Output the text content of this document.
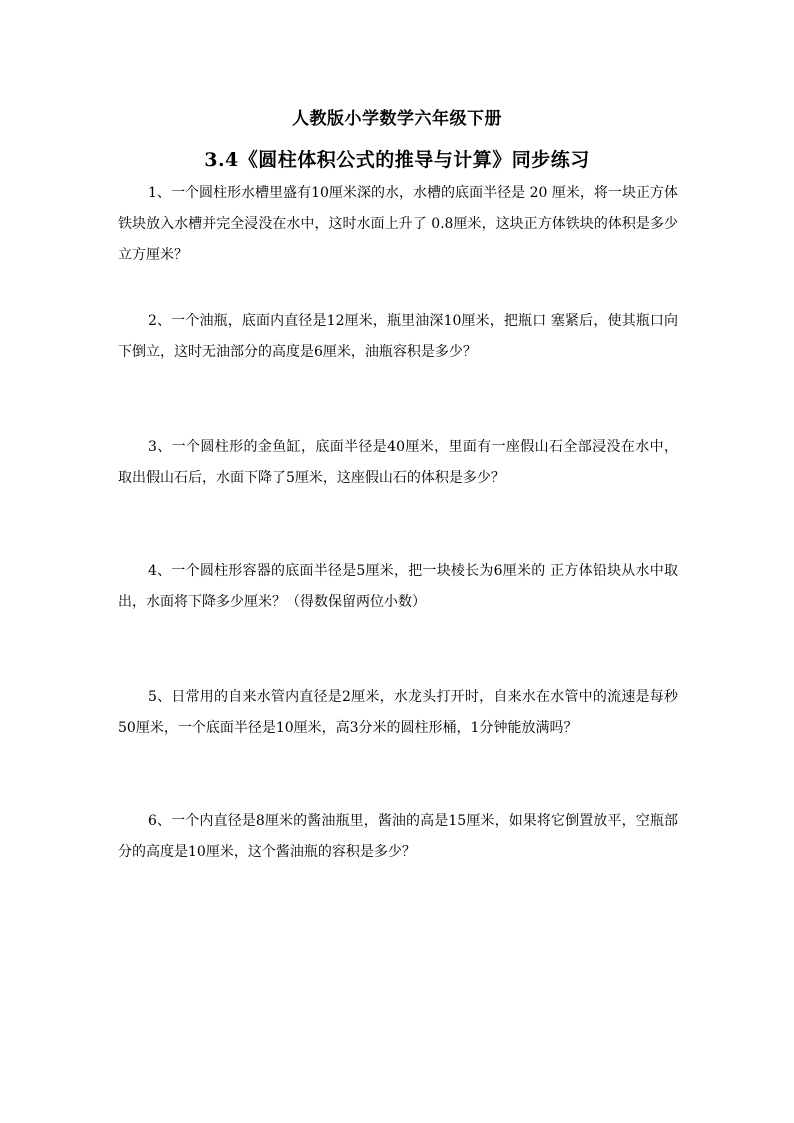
人教版小学数学六年级下册
3.4《圆柱体积公式的推导与计算》同步练习

1、一个圆柱形水槽里盛有10厘米深的水，水槽的底面半径是 20 厘米，将一块正方体铁块放入水槽并完全浸没在水中，这时水面上升了 0.8厘米，这块正方体铁块的体积是多少立方厘米？

2、一个油瓶，底面内直径是12厘米，瓶里油深10厘米，把瓶口 塞紧后，使其瓶口向下倒立，这时无油部分的高度是6厘米，油瓶容积是多少？

3、一个圆柱形的金鱼缸，底面半径是40厘米，里面有一座假山石全部浸没在水中，取出假山石后，水面下降了5厘米，这座假山石的体积是多少？

4、一个圆柱形容器的底面半径是5厘米，把一块棱长为6厘米的 正方体铅块从水中取出，水面将下降多少厘米？（得数保留两位小数）

5、日常用的自来水管内直径是2厘米，水龙头打开时，自来水在水管中的流速是每秒50厘米，一个底面半径是10厘米，高3分米的圆柱形桶，1分钟能放满吗？

6、一个内直径是8厘米的酱油瓶里，酱油的高是15厘米，如果将它倒置放平，空瓶部分的高度是10厘米，这个酱油瓶的容积是多少？
